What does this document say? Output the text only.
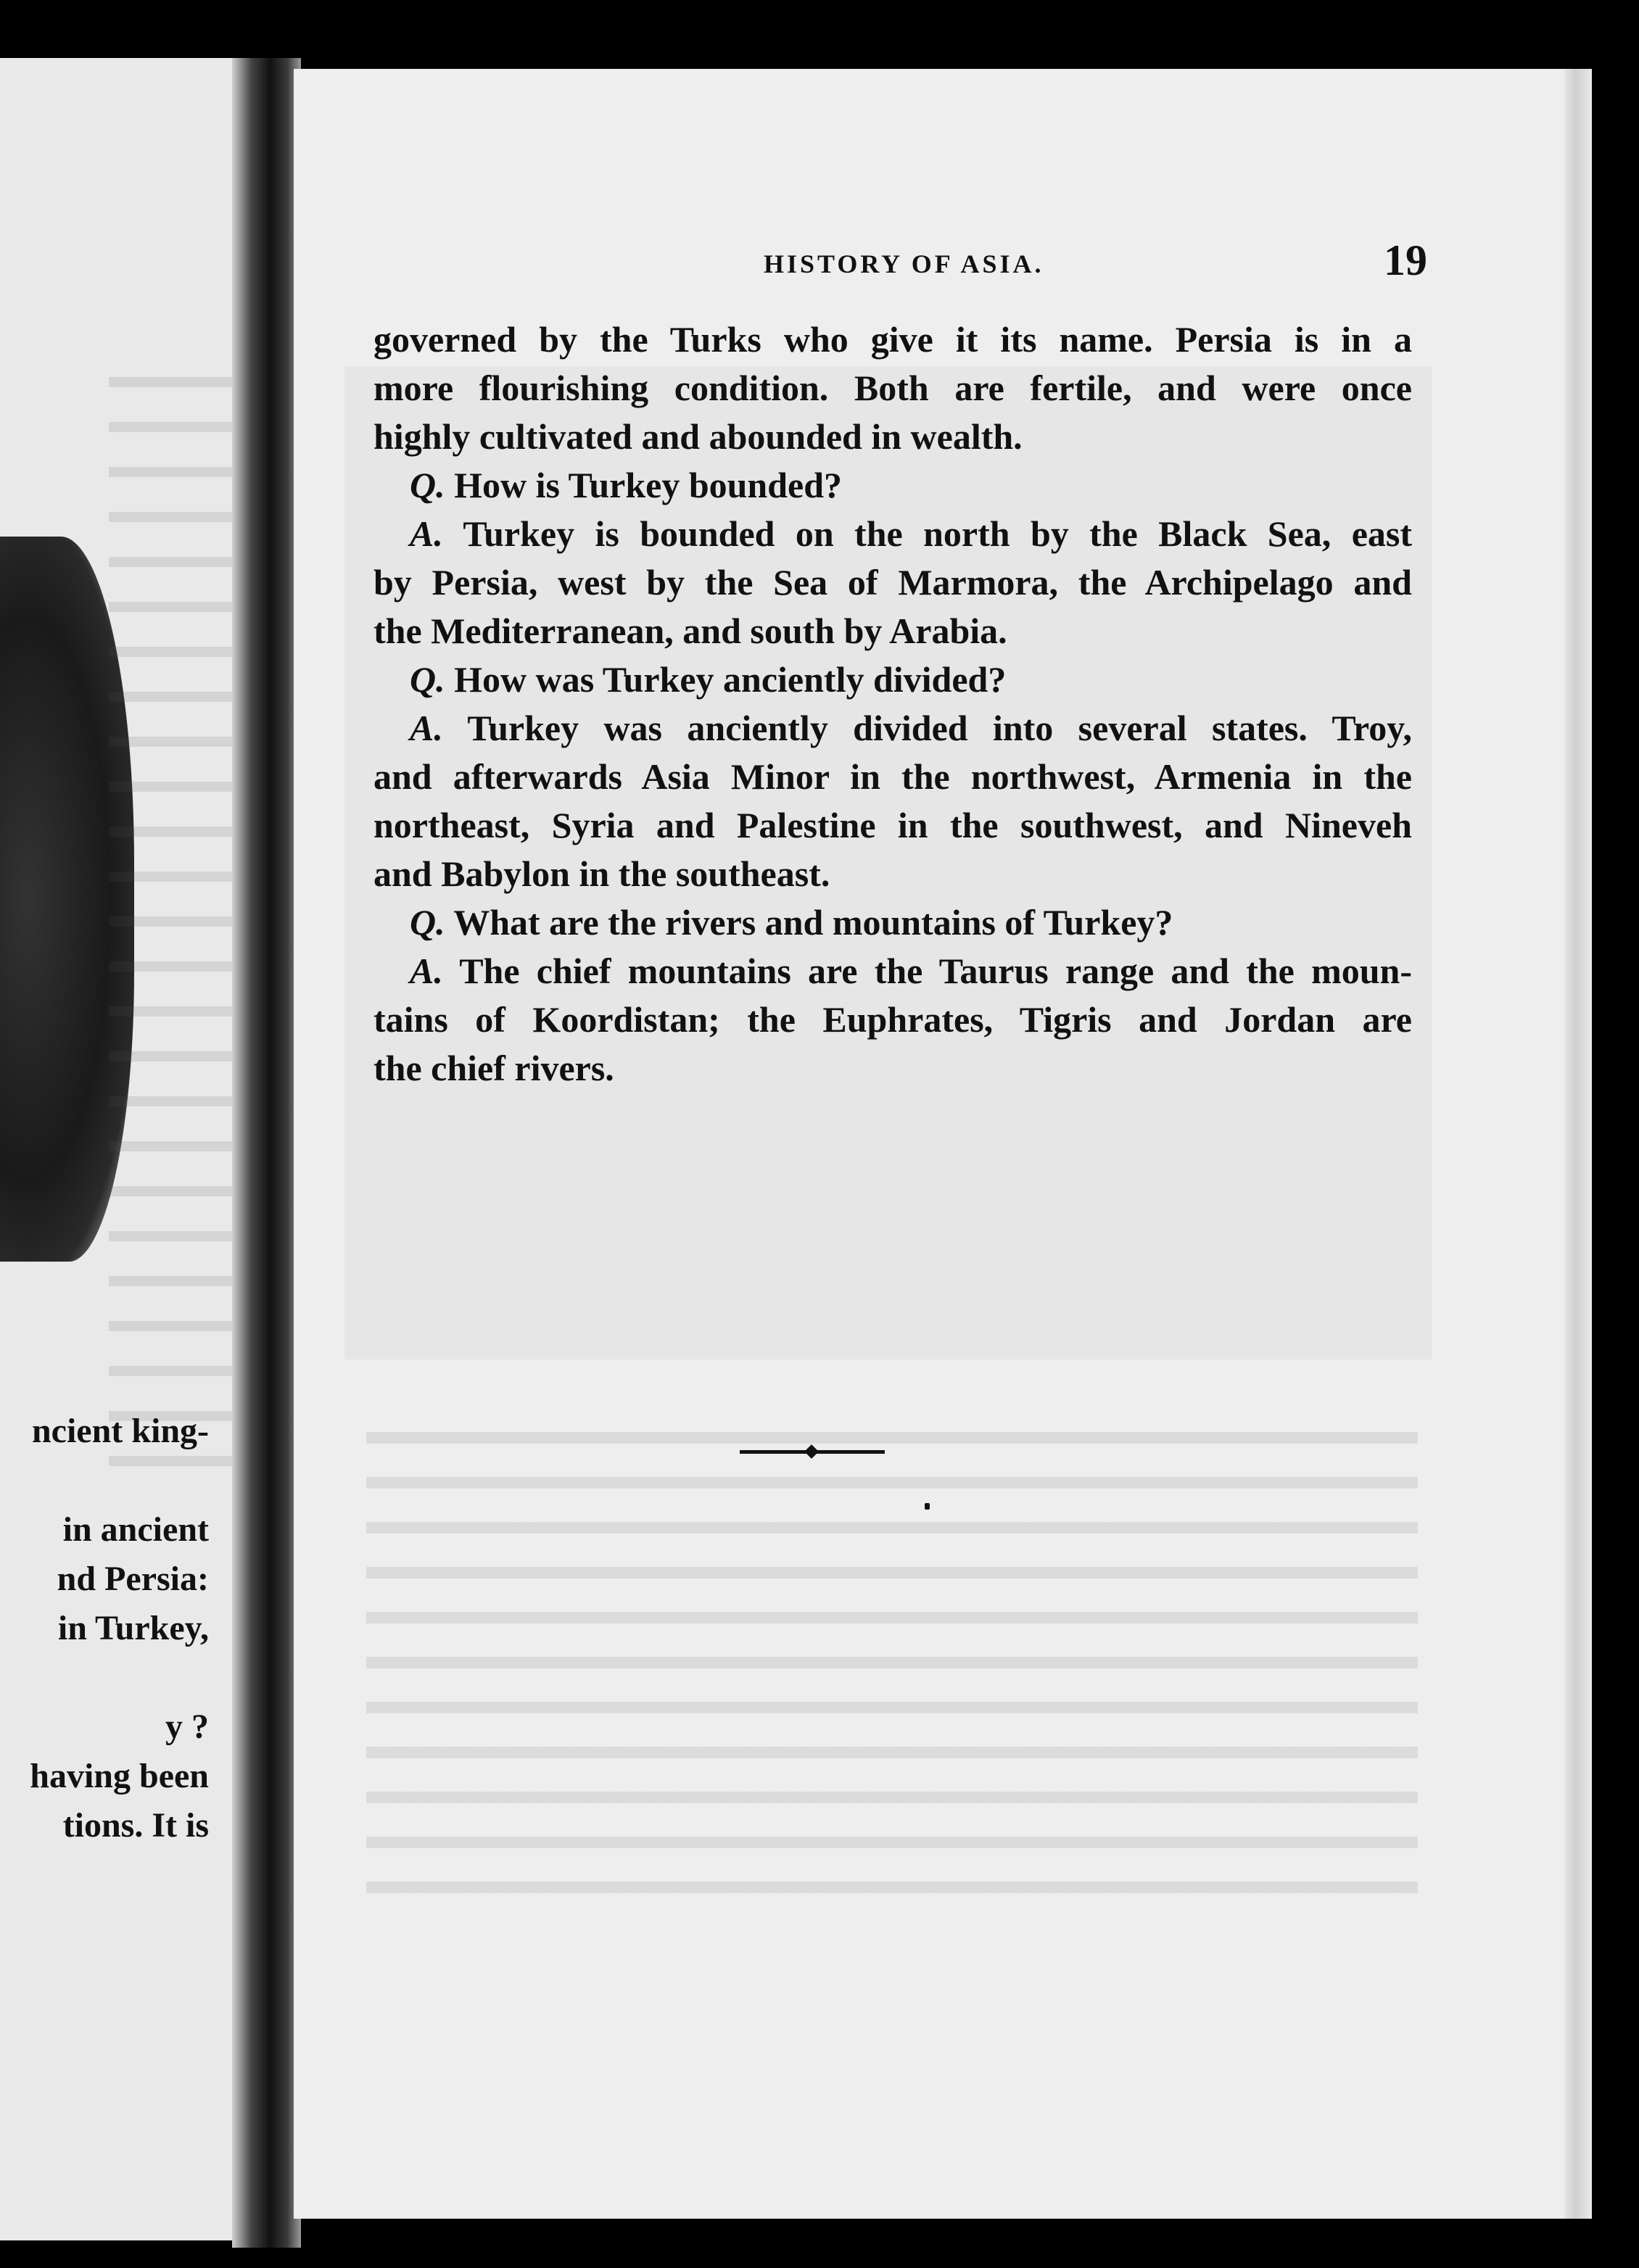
ncient king-
in ancient
nd Persia:
in Turkey,
y ?
having been
tions. It is
HISTORY OF ASIA.	19
governed by the Turks who give it its name. Persia is in a
more flourishing condition. Both are fertile, and were once
highly cultivated and abounded in wealth.
Q. How is Turkey bounded?
A. Turkey is bounded on the north by the Black Sea, east
by Persia, west by the Sea of Marmora, the Archipelago and
the Mediterranean, and south by Arabia.
Q. How was Turkey anciently divided?
A. Turkey was anciently divided into several states. Troy,
and afterwards Asia Minor in the northwest, Armenia in the
northeast, Syria and Palestine in the southwest, and Nineveh
and Babylon in the southeast.
Q. What are the rivers and mountains of Turkey?
A. The chief mountains are the Taurus range and the moun-
tains of Koordistan; the Euphrates, Tigris and Jordan are
the chief rivers.
